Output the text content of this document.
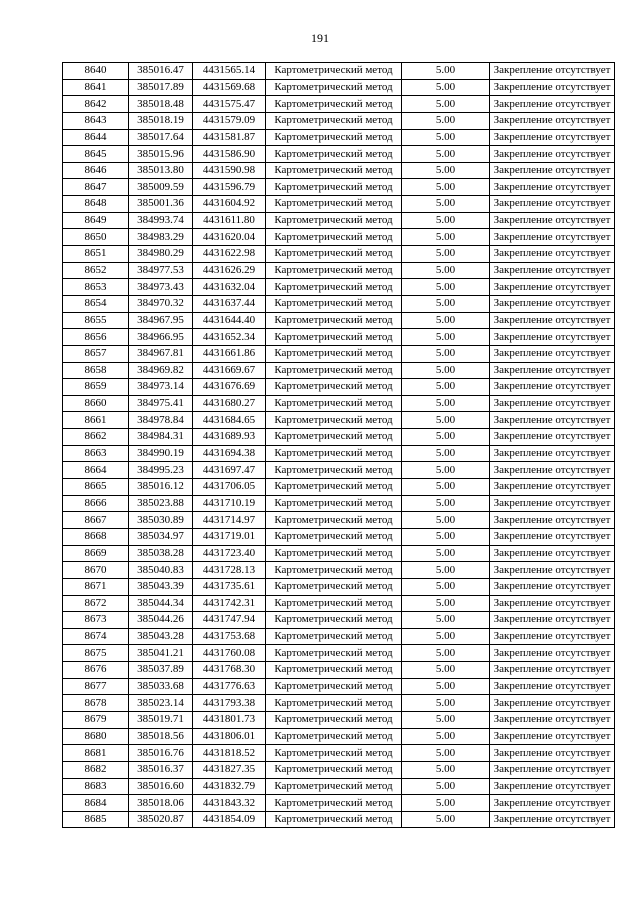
191
8640	385016.47	4431565.14	Картометрический метод	5.00	Закрепление отсутствует
8641	385017.89	4431569.68	Картометрический метод	5.00	Закрепление отсутствует
8642	385018.48	4431575.47	Картометрический метод	5.00	Закрепление отсутствует
8643	385018.19	4431579.09	Картометрический метод	5.00	Закрепление отсутствует
8644	385017.64	4431581.87	Картометрический метод	5.00	Закрепление отсутствует
8645	385015.96	4431586.90	Картометрический метод	5.00	Закрепление отсутствует
8646	385013.80	4431590.98	Картометрический метод	5.00	Закрепление отсутствует
8647	385009.59	4431596.79	Картометрический метод	5.00	Закрепление отсутствует
8648	385001.36	4431604.92	Картометрический метод	5.00	Закрепление отсутствует
8649	384993.74	4431611.80	Картометрический метод	5.00	Закрепление отсутствует
8650	384983.29	4431620.04	Картометрический метод	5.00	Закрепление отсутствует
8651	384980.29	4431622.98	Картометрический метод	5.00	Закрепление отсутствует
8652	384977.53	4431626.29	Картометрический метод	5.00	Закрепление отсутствует
8653	384973.43	4431632.04	Картометрический метод	5.00	Закрепление отсутствует
8654	384970.32	4431637.44	Картометрический метод	5.00	Закрепление отсутствует
8655	384967.95	4431644.40	Картометрический метод	5.00	Закрепление отсутствует
8656	384966.95	4431652.34	Картометрический метод	5.00	Закрепление отсутствует
8657	384967.81	4431661.86	Картометрический метод	5.00	Закрепление отсутствует
8658	384969.82	4431669.67	Картометрический метод	5.00	Закрепление отсутствует
8659	384973.14	4431676.69	Картометрический метод	5.00	Закрепление отсутствует
8660	384975.41	4431680.27	Картометрический метод	5.00	Закрепление отсутствует
8661	384978.84	4431684.65	Картометрический метод	5.00	Закрепление отсутствует
8662	384984.31	4431689.93	Картометрический метод	5.00	Закрепление отсутствует
8663	384990.19	4431694.38	Картометрический метод	5.00	Закрепление отсутствует
8664	384995.23	4431697.47	Картометрический метод	5.00	Закрепление отсутствует
8665	385016.12	4431706.05	Картометрический метод	5.00	Закрепление отсутствует
8666	385023.88	4431710.19	Картометрический метод	5.00	Закрепление отсутствует
8667	385030.89	4431714.97	Картометрический метод	5.00	Закрепление отсутствует
8668	385034.97	4431719.01	Картометрический метод	5.00	Закрепление отсутствует
8669	385038.28	4431723.40	Картометрический метод	5.00	Закрепление отсутствует
8670	385040.83	4431728.13	Картометрический метод	5.00	Закрепление отсутствует
8671	385043.39	4431735.61	Картометрический метод	5.00	Закрепление отсутствует
8672	385044.34	4431742.31	Картометрический метод	5.00	Закрепление отсутствует
8673	385044.26	4431747.94	Картометрический метод	5.00	Закрепление отсутствует
8674	385043.28	4431753.68	Картометрический метод	5.00	Закрепление отсутствует
8675	385041.21	4431760.08	Картометрический метод	5.00	Закрепление отсутствует
8676	385037.89	4431768.30	Картометрический метод	5.00	Закрепление отсутствует
8677	385033.68	4431776.63	Картометрический метод	5.00	Закрепление отсутствует
8678	385023.14	4431793.38	Картометрический метод	5.00	Закрепление отсутствует
8679	385019.71	4431801.73	Картометрический метод	5.00	Закрепление отсутствует
8680	385018.56	4431806.01	Картометрический метод	5.00	Закрепление отсутствует
8681	385016.76	4431818.52	Картометрический метод	5.00	Закрепление отсутствует
8682	385016.37	4431827.35	Картометрический метод	5.00	Закрепление отсутствует
8683	385016.60	4431832.79	Картометрический метод	5.00	Закрепление отсутствует
8684	385018.06	4431843.32	Картометрический метод	5.00	Закрепление отсутствует
8685	385020.87	4431854.09	Картометрический метод	5.00	Закрепление отсутствует
